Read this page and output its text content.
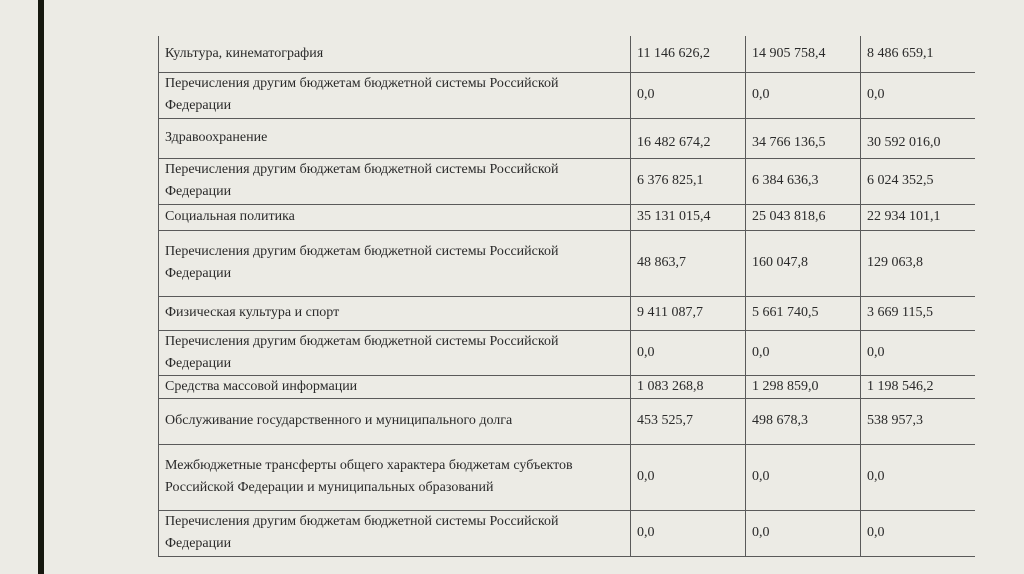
Культура, кинематография	11 146 626,2	14 905 758,4	8 486 659,1
Перечисления другим бюджетам бюджетной системы Российской Федерации	0,0	0,0	0,0
Здравоохранение	16 482 674,2	34 766 136,5	30 592 016,0
Перечисления другим бюджетам бюджетной системы Российской Федерации	6 376 825,1	6 384 636,3	6 024 352,5
Социальная политика	35 131 015,4	25 043 818,6	22 934 101,1
Перечисления другим бюджетам бюджетной системы Российской Федерации	48 863,7	160 047,8	129 063,8
Физическая культура и спорт	9 411 087,7	5 661 740,5	3 669 115,5
Перечисления другим бюджетам бюджетной системы Российской Федерации	0,0	0,0	0,0
Средства массовой информации	1 083 268,8	1 298 859,0	1 198 546,2
Обслуживание государственного и муниципального долга	453 525,7	498 678,3	538 957,3
Межбюджетные трансферты общего характера бюджетам субъектов Российской Федерации и муниципальных образований	0,0	0,0	0,0
Перечисления другим бюджетам бюджетной системы Российской Федерации	0,0	0,0	0,0
